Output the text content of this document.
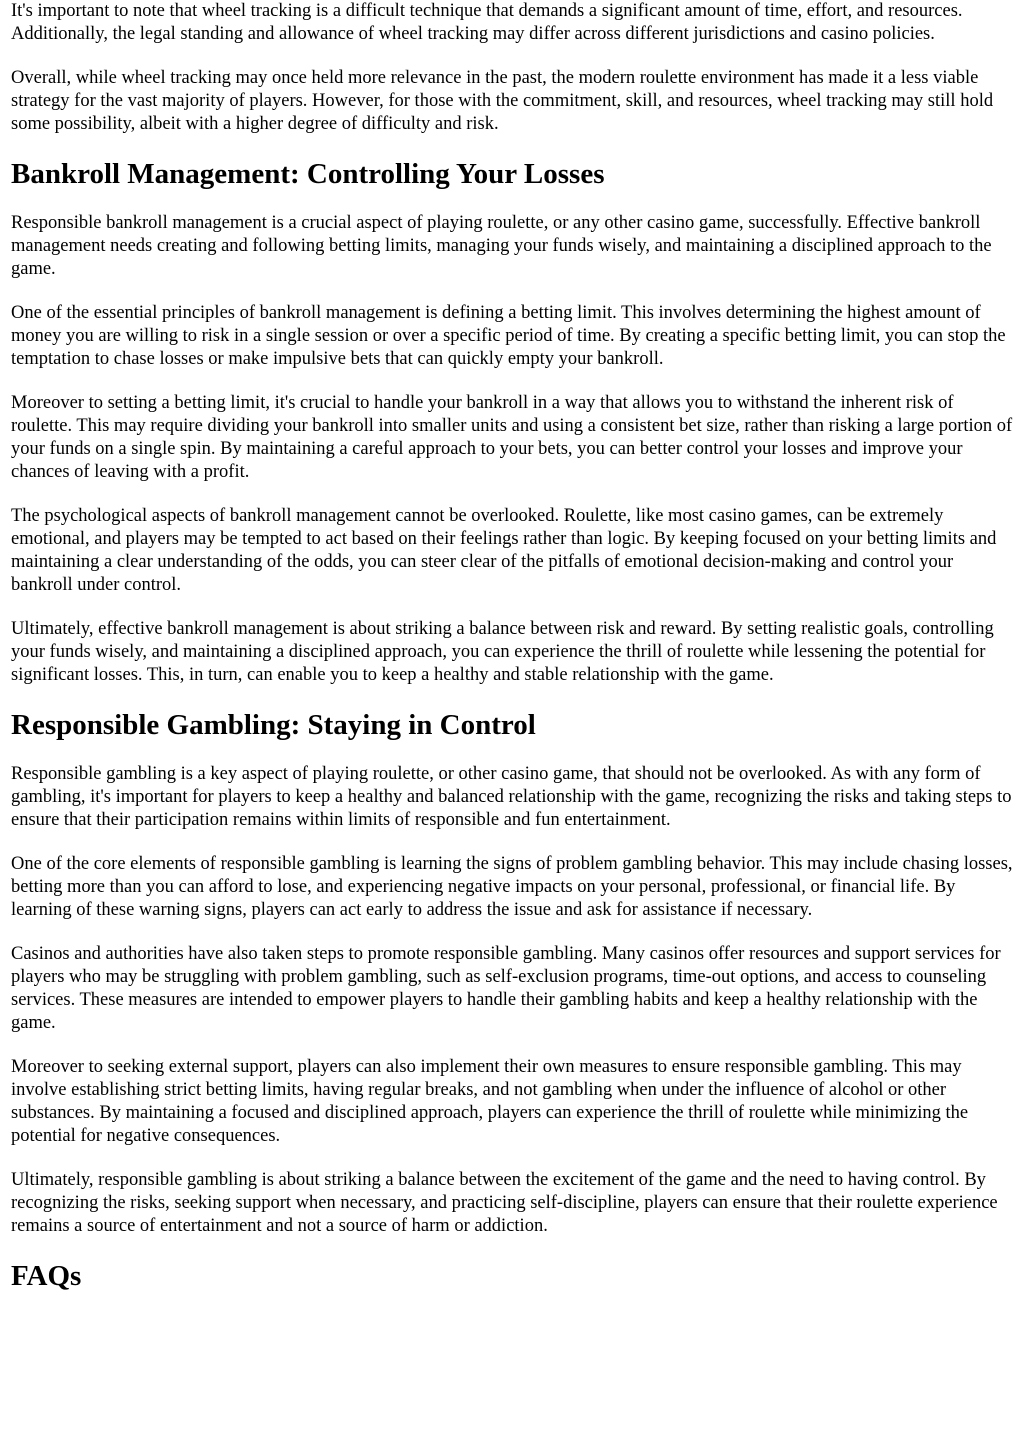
It's important to note that wheel tracking is a difficult technique that demands a significant amount of time, effort, and resources. Additionally, the legal standing and allowance of wheel tracking may differ across different jurisdictions and casino policies.

Overall, while wheel tracking may once held more relevance in the past, the modern roulette environment has made it a less viable strategy for the vast majority of players. However, for those with the commitment, skill, and resources, wheel tracking may still hold some possibility, albeit with a higher degree of difficulty and risk.

Bankroll Management: Controlling Your Losses

Responsible bankroll management is a crucial aspect of playing roulette, or any other casino game, successfully. Effective bankroll management needs creating and following betting limits, managing your funds wisely, and maintaining a disciplined approach to the game.

One of the essential principles of bankroll management is defining a betting limit. This involves determining the highest amount of money you are willing to risk in a single session or over a specific period of time. By creating a specific betting limit, you can stop the temptation to chase losses or make impulsive bets that can quickly empty your bankroll.

Moreover to setting a betting limit, it's crucial to handle your bankroll in a way that allows you to withstand the inherent risk of roulette. This may require dividing your bankroll into smaller units and using a consistent bet size, rather than risking a large portion of your funds on a single spin. By maintaining a careful approach to your bets, you can better control your losses and improve your chances of leaving with a profit.

The psychological aspects of bankroll management cannot be overlooked. Roulette, like most casino games, can be extremely emotional, and players may be tempted to act based on their feelings rather than logic. By keeping focused on your betting limits and maintaining a clear understanding of the odds, you can steer clear of the pitfalls of emotional decision-making and control your bankroll under control.

Ultimately, effective bankroll management is about striking a balance between risk and reward. By setting realistic goals, controlling your funds wisely, and maintaining a disciplined approach, you can experience the thrill of roulette while lessening the potential for significant losses. This, in turn, can enable you to keep a healthy and stable relationship with the game.

Responsible Gambling: Staying in Control

Responsible gambling is a key aspect of playing roulette, or other casino game, that should not be overlooked. As with any form of gambling, it's important for players to keep a healthy and balanced relationship with the game, recognizing the risks and taking steps to ensure that their participation remains within limits of responsible and fun entertainment.

One of the core elements of responsible gambling is learning the signs of problem gambling behavior. This may include chasing losses, betting more than you can afford to lose, and experiencing negative impacts on your personal, professional, or financial life. By learning of these warning signs, players can act early to address the issue and ask for assistance if necessary.

Casinos and authorities have also taken steps to promote responsible gambling. Many casinos offer resources and support services for players who may be struggling with problem gambling, such as self-exclusion programs, time-out options, and access to counseling services. These measures are intended to empower players to handle their gambling habits and keep a healthy relationship with the game.

Moreover to seeking external support, players can also implement their own measures to ensure responsible gambling. This may involve establishing strict betting limits, having regular breaks, and not gambling when under the influence of alcohol or other substances. By maintaining a focused and disciplined approach, players can experience the thrill of roulette while minimizing the potential for negative consequences.

Ultimately, responsible gambling is about striking a balance between the excitement of the game and the need to having control. By recognizing the risks, seeking support when necessary, and practicing self-discipline, players can ensure that their roulette experience remains a source of entertainment and not a source of harm or addiction.

FAQs
